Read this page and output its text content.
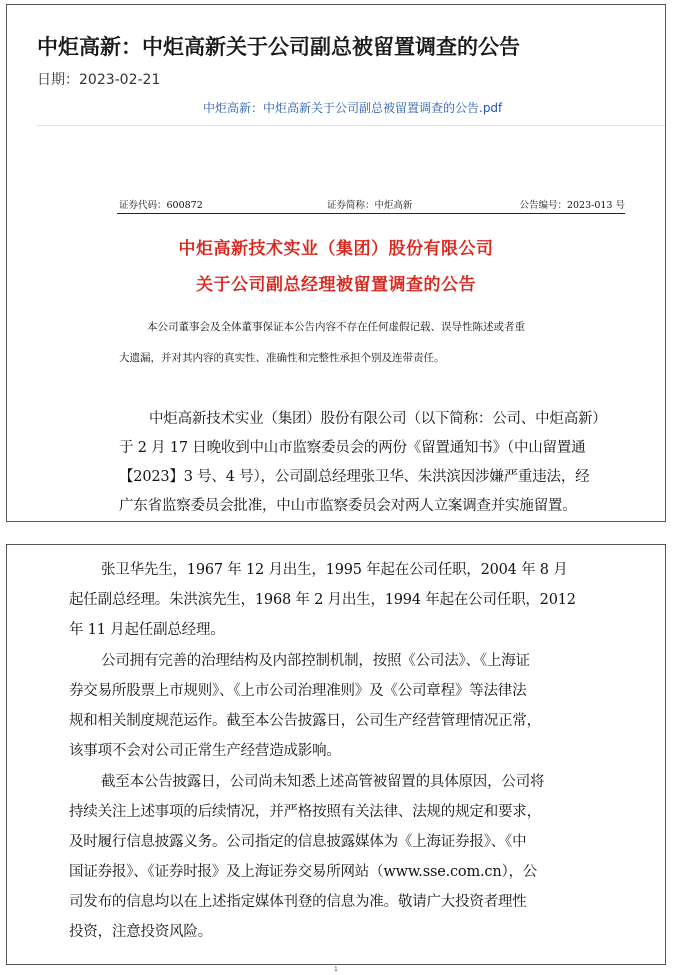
中炬高新：中炬高新关于公司副总被留置调查的公告
日期：2023-02-21
中炬高新：中炬高新关于公司副总被留置调查的公告.pdf
证券代码：600872	证券简称：中炬高新	公告编号：2023-013 号
中炬高新技术实业（集团）股份有限公司
关于公司副总经理被留置调查的公告
本公司董事会及全体董事保证本公告内容不存在任何虚假记载、误导性陈述或者重
大遗漏，并对其内容的真实性、准确性和完整性承担个别及连带责任。
中炬高新技术实业（集团）股份有限公司（以下简称：公司、中炬高新）
于 2 月 17 日晚收到中山市监察委员会的两份《留置通知书》（中山留置通
【2023】3 号、4 号），公司副总经理张卫华、朱洪滨因涉嫌严重违法，经
广东省监察委员会批准，中山市监察委员会对两人立案调查并实施留置。
张卫华先生，1967 年 12 月出生，1995 年起在公司任职，2004 年 8 月
起任副总经理。朱洪滨先生，1968 年 2 月出生，1994 年起在公司任职，2012
年 11 月起任副总经理。
公司拥有完善的治理结构及内部控制机制，按照《公司法》、《上海证
券交易所股票上市规则》、《上市公司治理准则》及《公司章程》等法律法
规和相关制度规范运作。截至本公告披露日，公司生产经营管理情况正常，
该事项不会对公司正常生产经营造成影响。
截至本公告披露日，公司尚未知悉上述高管被留置的具体原因，公司将
持续关注上述事项的后续情况，并严格按照有关法律、法规的规定和要求，
及时履行信息披露义务。公司指定的信息披露媒体为《上海证券报》、《中
国证券报》、《证券时报》及上海证券交易所网站（www.sse.com.cn），公
司发布的信息均以在上述指定媒体刊登的信息为准。敬请广大投资者理性
投资，注意投资风险。
1
